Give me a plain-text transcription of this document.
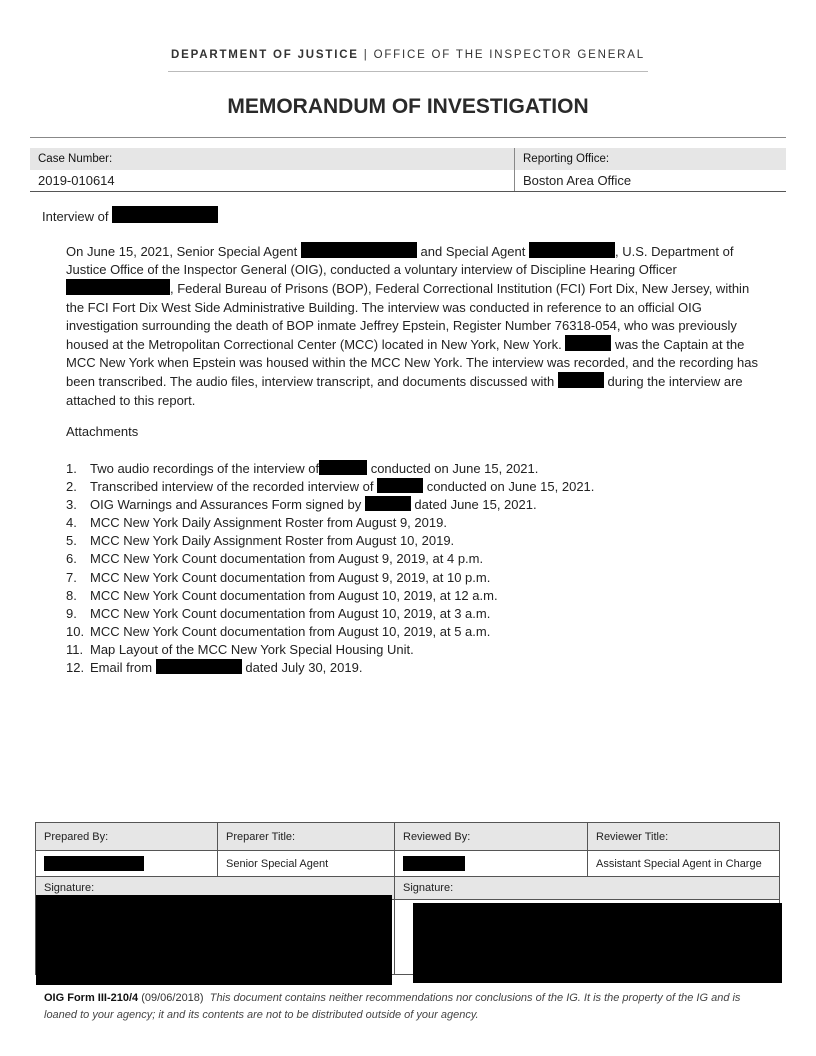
DEPARTMENT OF JUSTICE | OFFICE OF THE INSPECTOR GENERAL
MEMORANDUM OF INVESTIGATION
Case Number:	Reporting Office:
2019-010614	Boston Area Office
Interview of
On June 15, 2021, Senior Special Agent	and Special Agent	, U.S. Department of Justice Office of the Inspector General (OIG), conducted a voluntary interview of Discipline Hearing Officer , Federal Bureau of Prisons (BOP), Federal Correctional Institution (FCI) Fort Dix, New Jersey, within the FCI Fort Dix West Side Administrative Building. The interview was conducted in reference to an official OIG investigation surrounding the death of BOP inmate Jeffrey Epstein, Register Number 76318-054, who was previously housed at the Metropolitan Correctional Center (MCC) located in New York, New York.	was the Captain at the MCC New York when Epstein was housed within the MCC New York. The interview was recorded, and the recording has been transcribed. The audio files, interview transcript, and documents discussed with	during the interview are attached to this report.
Attachments
1. Two audio recordings of the interview of	conducted on June 15, 2021.
2. Transcribed interview of the recorded interview of	conducted on June 15, 2021.
3. OIG Warnings and Assurances Form signed by	dated June 15, 2021.
4. MCC New York Daily Assignment Roster from August 9, 2019.
5. MCC New York Daily Assignment Roster from August 10, 2019.
6. MCC New York Count documentation from August 9, 2019, at 4 p.m.
7. MCC New York Count documentation from August 9, 2019, at 10 p.m.
8. MCC New York Count documentation from August 10, 2019, at 12 a.m.
9. MCC New York Count documentation from August 10, 2019, at 3 a.m.
10. MCC New York Count documentation from August 10, 2019, at 5 a.m.
11. Map Layout of the MCC New York Special Housing Unit.
12. Email from	dated July 30, 2019.
Prepared By:	Preparer Title:	Reviewed By:	Reviewer Title:
	Senior Special Agent		Assistant Special Agent in Charge
Signature:		Signature:	

OIG Form III-210/4 (09/06/2018) This document contains neither recommendations nor conclusions of the IG. It is the property of the IG and is loaned to your agency; it and its contents are not to be distributed outside of your agency.
